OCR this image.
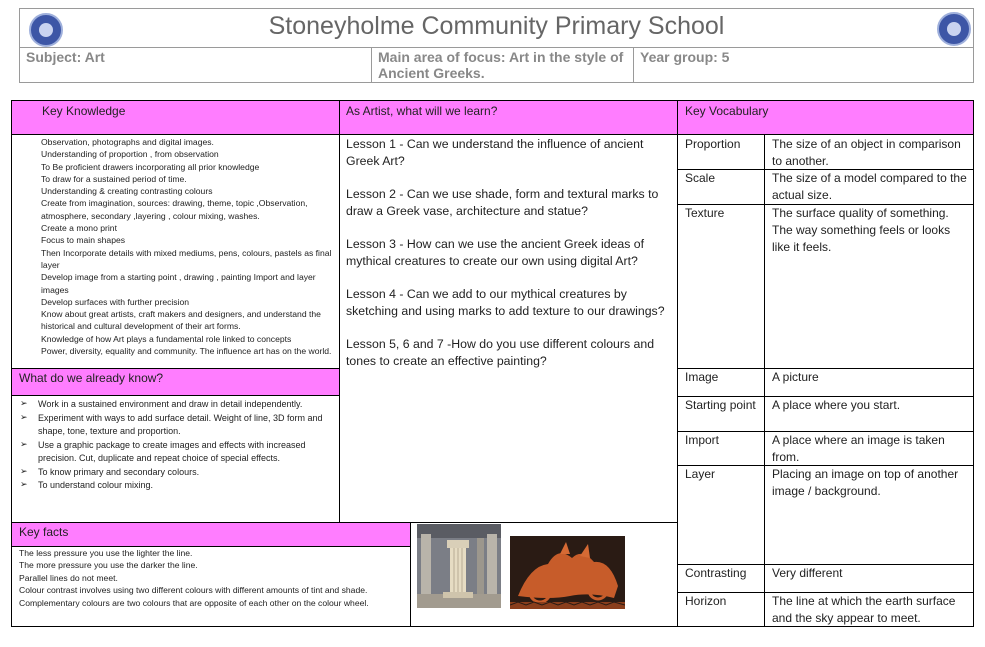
Stoneyholme Community Primary School
Subject: Art	Main area of focus: Art in the style of Ancient Greeks.
Year group: 5
Key Knowledge	As Artist, what will we learn?	Key Vocabulary
What do we already know?
Key facts
Observation, photographs and digital images.
Understanding of proportion , from observation
To Be proficient drawers incorporating all prior knowledge
To draw for a sustained period of time.
Understanding & creating contrasting colours
Create from imagination, sources: drawing, theme, topic ,Observation, atmosphere, secondary ,layering , colour mixing, washes.
Create a mono print
Focus to main shapes
Then Incorporate details with mixed mediums, pens, colours, pastels as final layer
Develop image from a starting point , drawing , painting Import and layer images
Develop surfaces with further precision
Know about great artists, craft makers and designers, and understand the historical and cultural development of their art forms.
Knowledge of how Art plays a fundamental role linked to concepts
Power, diversity, equality and community. The influence art has on the world.
➢ Work in a sustained environment and draw in detail independently.
➢ Experiment with ways to add surface detail. Weight of line, 3D form and shape, tone, texture and proportion.
➢ Use a graphic package to create images and effects with increased precision. Cut, duplicate and repeat choice of special effects.
➢ To know primary and secondary colours.
➢ To understand colour mixing.
The less pressure you use the lighter the line.
The more pressure you use the darker the line.
Parallel lines do not meet.
Colour contrast involves using two different colours with different amounts of tint and shade.
Complementary colours are two colours that are opposite of each other on the colour wheel.

Lesson 1 - Can we understand the influence of ancient Greek Art?

Lesson 2 - Can we use shade, form and textural marks to draw a Greek vase, architecture and statue?

Lesson 3 - How can we use the ancient Greek ideas of mythical creatures to create our own using digital Art?

Lesson 4 - Can we add to our mythical creatures by sketching and using marks to add texture to our drawings?

Lesson 5, 6 and 7 -How do you use different colours and tones to create an effective painting?

Proportion	The size of an object in comparison to another.
Scale	The size of a model compared to the actual size.
Texture	The surface quality of something. The way something feels or looks like it feels.
Image	A picture
Starting point	A place where you start.
Import	A place where an image is taken from.
Layer	Placing an image on top of another image / background.
Contrasting	Very different
Horizon	The line at which the earth surface and the sky appear to meet.
